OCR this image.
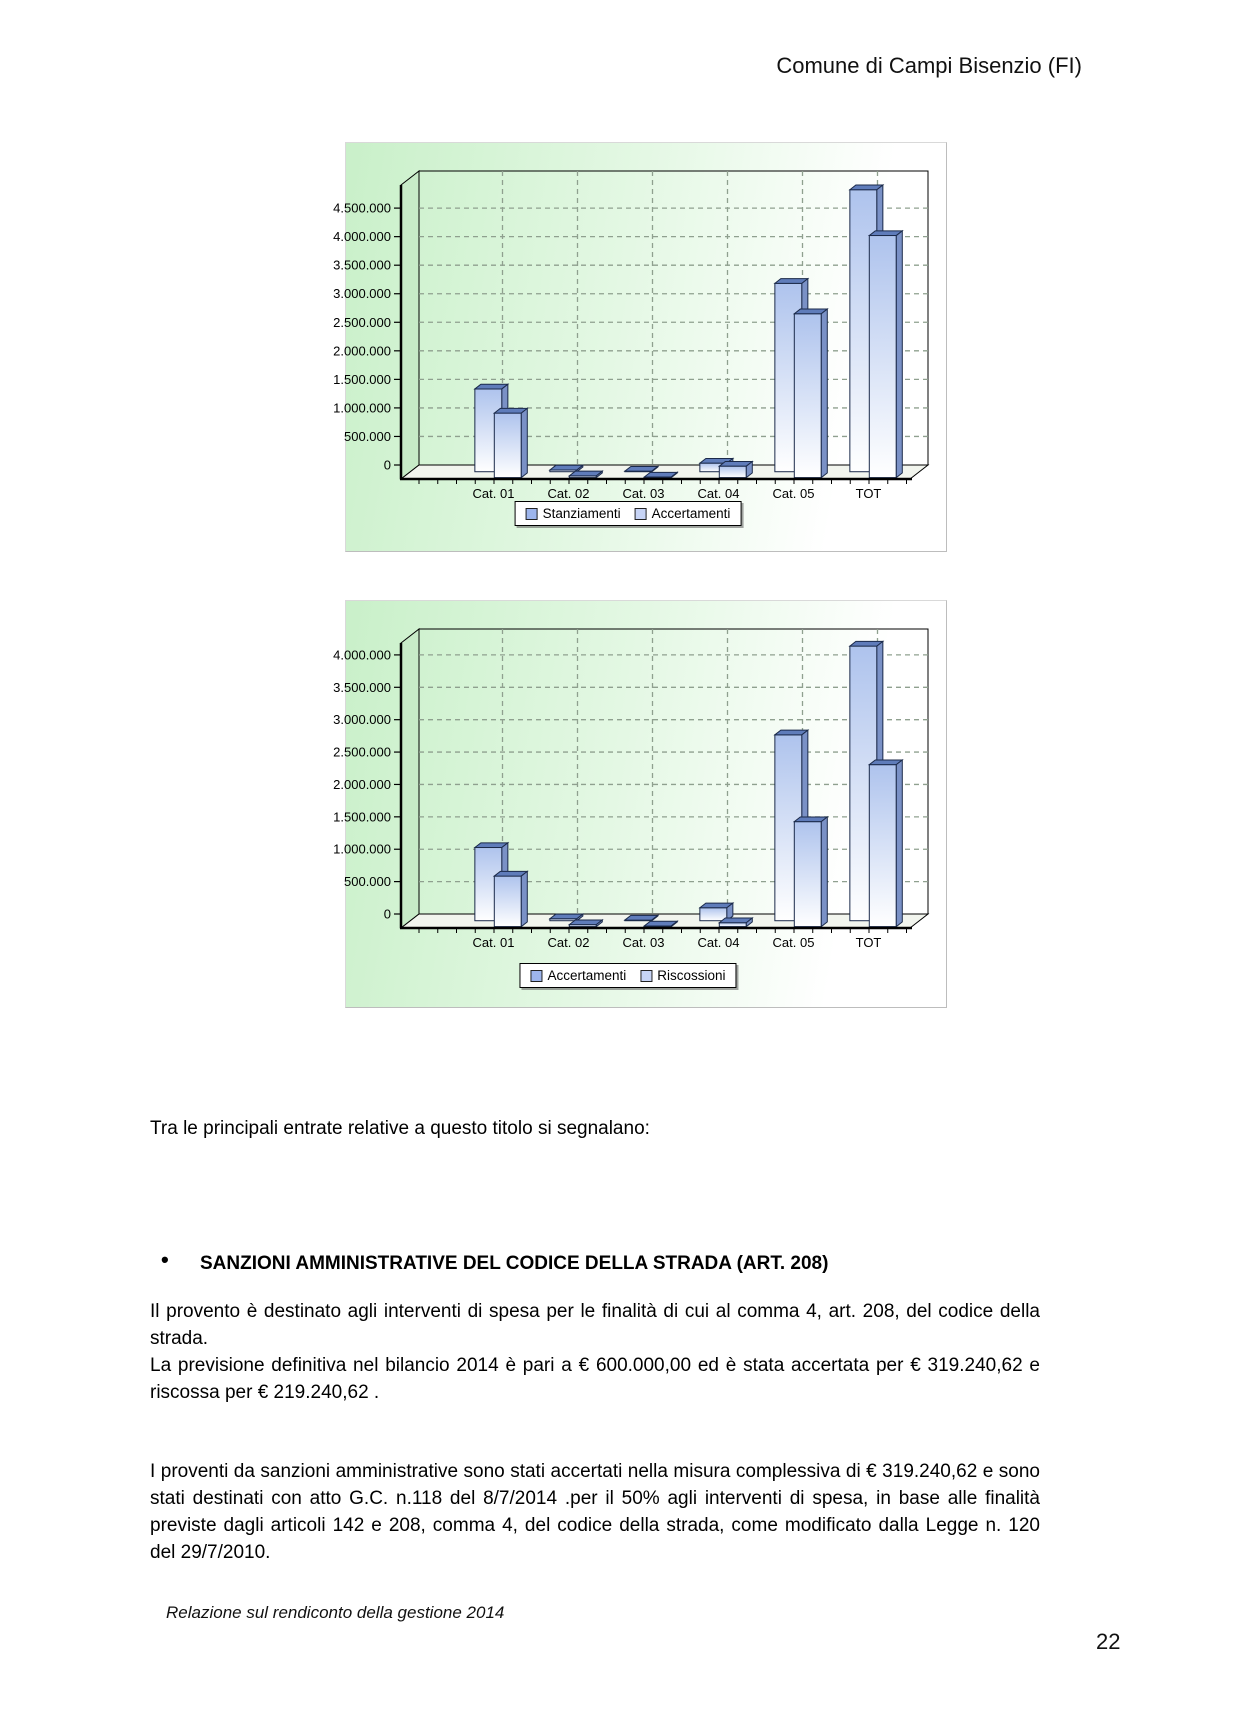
Comune di Campi Bisenzio (FI)
0
500.000
1.000.000
1.500.000
2.000.000
2.500.000
3.000.000
3.500.000
4.000.000
4.500.000
Cat. 01	Cat. 02	Cat. 03	Cat. 04	Cat. 05	TOT
Stanziamenti Accertamenti
0
500.000
1.000.000
1.500.000
2.000.000
2.500.000
3.000.000
3.500.000
4.000.000
Cat. 01	Cat. 02	Cat. 03	Cat. 04	Cat. 05	TOT
Accertamenti Riscossioni
Tra le principali entrate relative a questo titolo si segnalano:
• SANZIONI AMMINISTRATIVE DEL CODICE DELLA STRADA (ART. 208)
Il provento è destinato agli interventi di spesa per le finalità di cui al comma 4, art. 208, del codice della strada.
La previsione definitiva nel bilancio 2014 è pari a € 600.000,00 ed è stata accertata per € 319.240,62 e riscossa per € 219.240,62 .
I proventi da sanzioni amministrative sono stati accertati nella misura complessiva di € 319.240,62 e sono stati destinati con atto G.C. n.118 del 8/7/2014 .per il 50% agli interventi di spesa, in base alle finalità previste dagli articoli 142 e 208, comma 4, del codice della strada, come modificato dalla Legge n. 120 del 29/7/2010.
Relazione sul rendiconto della gestione 2014
22
